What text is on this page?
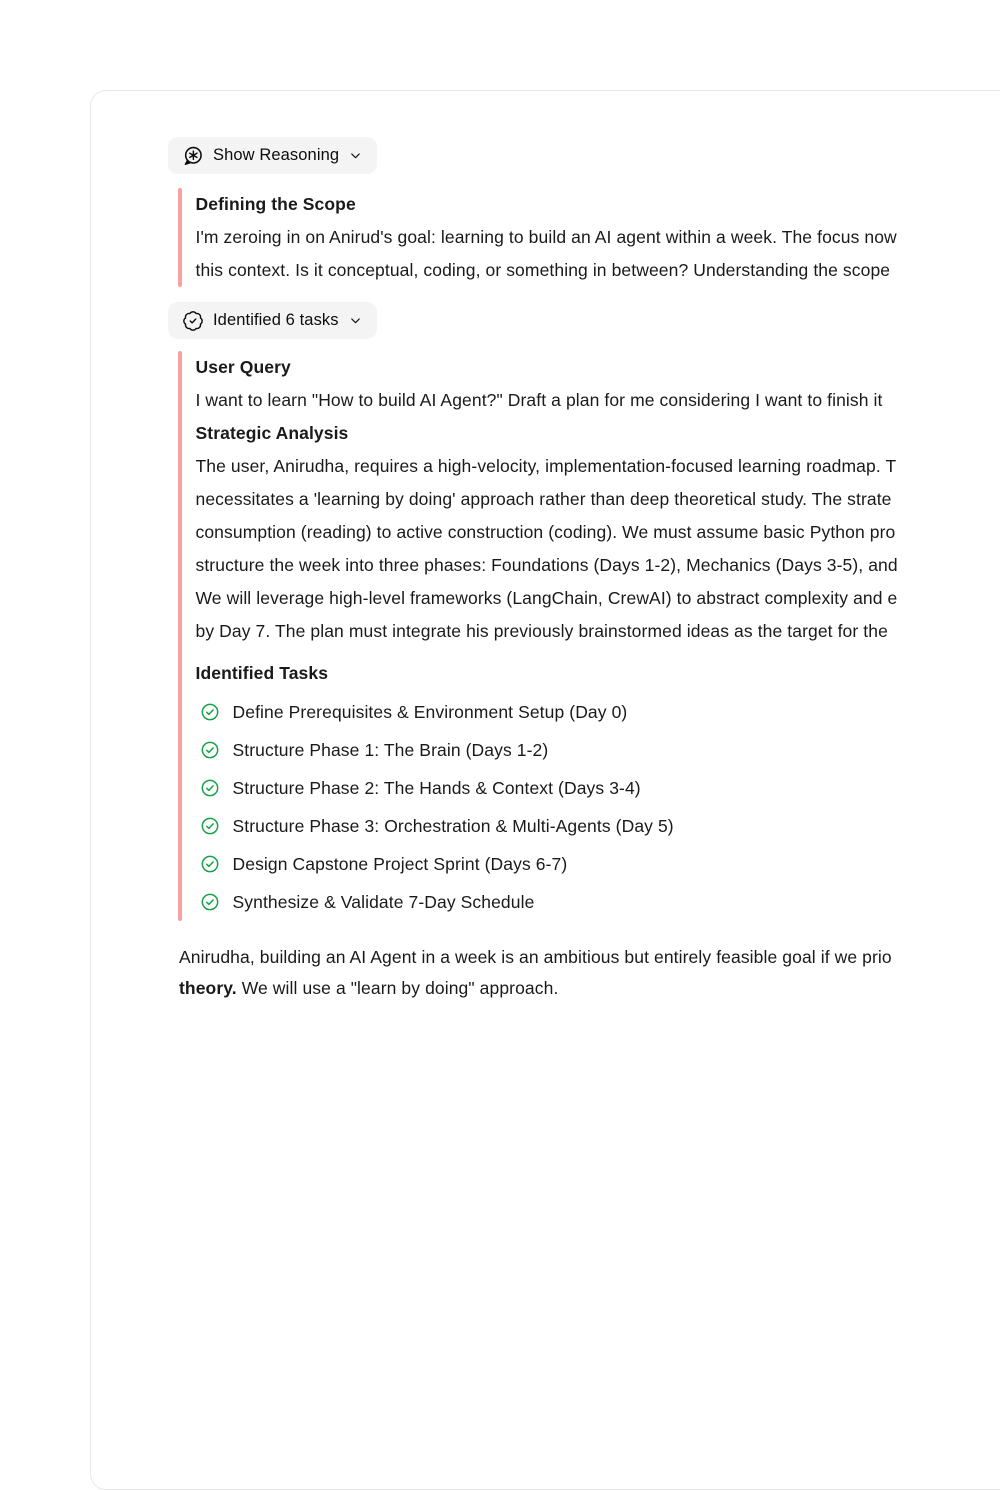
Show Reasoning
Defining the Scope
I'm zeroing in on Anirud's goal: learning to build an AI agent within a week. The focus now
this context. Is it conceptual, coding, or something in between? Understanding the scope
Identified 6 tasks
User Query
I want to learn "How to build AI Agent?" Draft a plan for me considering I want to finish it
Strategic Analysis
The user, Anirudha, requires a high-velocity, implementation-focused learning roadmap. T
necessitates a 'learning by doing' approach rather than deep theoretical study. The strate
consumption (reading) to active construction (coding). We must assume basic Python pro
structure the week into three phases: Foundations (Days 1-2), Mechanics (Days 3-5), and
We will leverage high-level frameworks (LangChain, CrewAI) to abstract complexity and e
by Day 7. The plan must integrate his previously brainstormed ideas as the target for the
Identified Tasks
Define Prerequisites & Environment Setup (Day 0)
Structure Phase 1: The Brain (Days 1-2)
Structure Phase 2: The Hands & Context (Days 3-4)
Structure Phase 3: Orchestration & Multi-Agents (Day 5)
Design Capstone Project Sprint (Days 6-7)
Synthesize & Validate 7-Day Schedule
Anirudha, building an AI Agent in a week is an ambitious but entirely feasible goal if we prio
theory. We will use a "learn by doing" approach.
